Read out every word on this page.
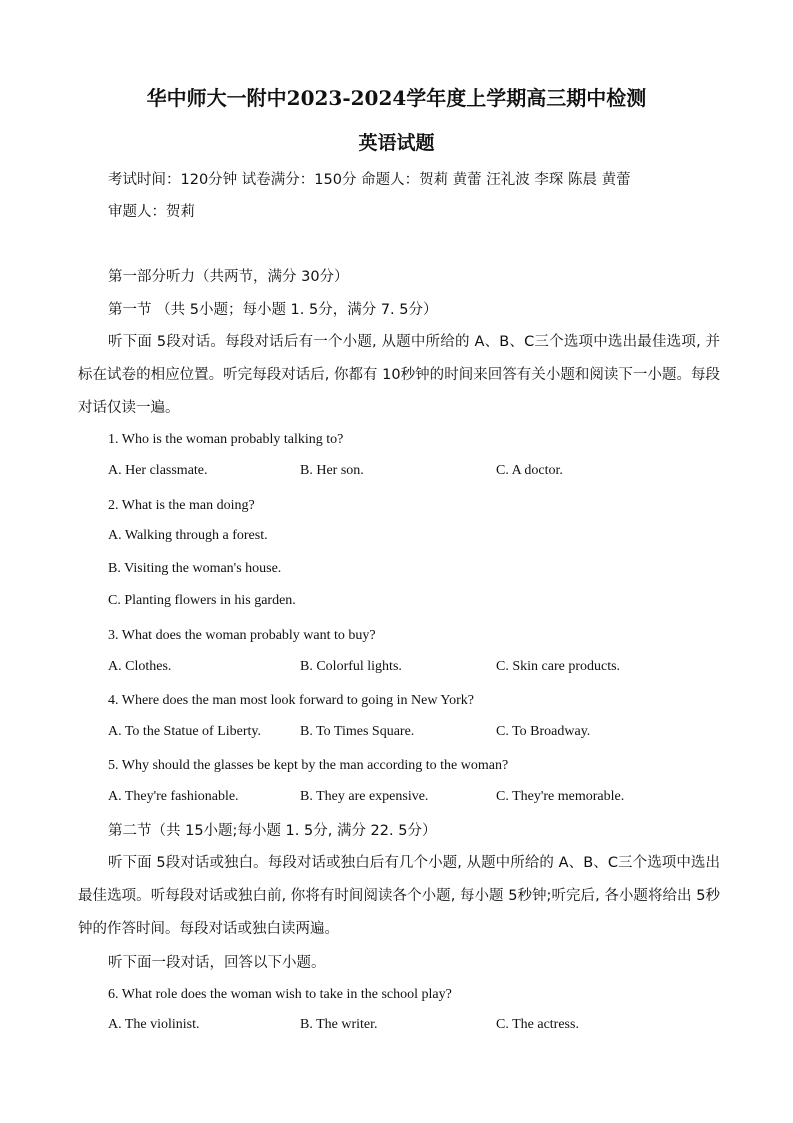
华中师大一附中2023-2024学年度上学期高三期中检测
英语试题
考试时间：120分钟 试卷满分：150分 命题人：贺莉 黄蕾 汪礼波 李琛 陈晨 黄蕾
审题人：贺莉
第一部分听力（共两节，满分 30分）
第一节 （共 5小题；每小题 1. 5分，满分 7. 5分）
听下面 5段对话。每段对话后有一个小题, 从题中所给的 A、B、C三个选项中选出最佳选项, 并标在试卷的相应位置。听完每段对话后, 你都有 10秒钟的时间来回答有关小题和阅读下一小题。每段对话仅读一遍。
1. Who is the woman probably talking to?
A. Her classmate.	B. Her son.	C. A doctor.
2. What is the man doing?
A. Walking through a forest.
B. Visiting the woman's house.
C. Planting flowers in his garden.
3. What does the woman probably want to buy?
A. Clothes.	B. Colorful lights.	C. Skin care products.
4. Where does the man most look forward to going in New York?
A. To the Statue of Liberty.	B. To Times Square.	C. To Broadway.
5. Why should the glasses be kept by the man according to the woman?
A. They're fashionable.	B. They are expensive.	C. They're memorable.
第二节（共 15小题;每小题 1. 5分, 满分 22. 5分）
听下面 5段对话或独白。每段对话或独白后有几个小题, 从题中所给的 A、B、C三个选项中选出最佳选项。听每段对话或独白前, 你将有时间阅读各个小题, 每小题 5秒钟;听完后, 各小题将给出 5秒钟的作答时间。每段对话或独白读两遍。
听下面一段对话，回答以下小题。
6. What role does the woman wish to take in the school play?
A. The violinist.	B. The writer.	C. The actress.
